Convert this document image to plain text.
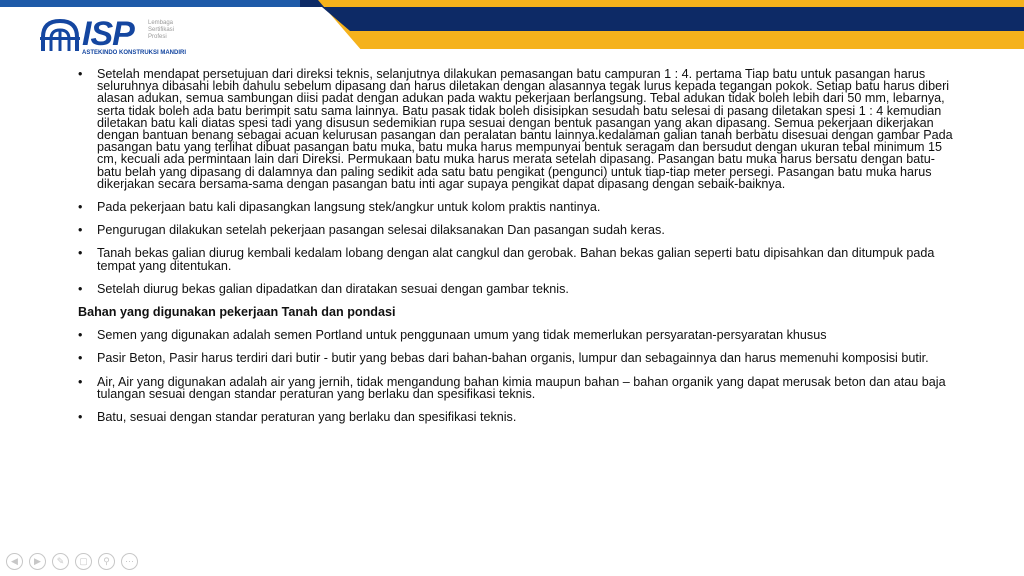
ISP Lembaga
Sertifikasi
Profesi
ASTEKINDO KONSTRUKSI MANDIRI
• Setelah mendapat persetujuan dari direksi teknis, selanjutnya dilakukan pemasangan batu campuran 1 : 4. pertama Tiap batu untuk pasangan harus seluruhnya dibasahi lebih dahulu sebelum dipasang dan harus diletakan dengan alasannya tegak lurus kepada tegangan pokok. Setiap batu harus diberi alasan adukan, semua sambungan diisi padat dengan adukan pada waktu pekerjaan berlangsung. Tebal adukan tidak boleh lebih dari 50 mm, lebarnya, serta tidak boleh ada batu berimpit satu sama lainnya. Batu pasak tidak boleh disisipkan sesudah batu selesai di pasang diletakan spesi 1 : 4 kemudian diletakan batu kali diatas spesi tadi yang disusun sedemikian rupa sesuai dengan bentuk pasangan yang akan dipasang. Semua pekerjaan dikerjakan dengan bantuan benang sebagai acuan kelurusan pasangan dan peralatan bantu lainnya.kedalaman galian tanah berbatu disesuai dengan gambar Pada pasangan batu yang terlihat dibuat pasangan batu muka, batu muka harus mempunyai bentuk seragam dan bersudut dengan ukuran tebal minimum 15 cm, kecuali ada permintaan lain dari Direksi. Permukaan batu muka harus merata setelah dipasang. Pasangan batu muka harus bersatu dengan batu-batu belah yang dipasang di dalamnya dan paling sedikit ada satu batu pengikat (pengunci) untuk tiap-tiap meter persegi. Pasangan batu muka harus dikerjakan secara bersama-sama dengan pasangan batu inti agar supaya pengikat dapat dipasang dengan sebaik-baiknya.
• Pada pekerjaan batu kali dipasangkan langsung stek/angkur untuk kolom praktis nantinya.
• Pengurugan dilakukan setelah pekerjaan pasangan selesai dilaksanakan Dan pasangan sudah keras.
• Tanah bekas galian diurug kembali kedalam lobang dengan alat cangkul dan gerobak. Bahan bekas galian seperti batu dipisahkan dan ditumpuk pada tempat yang ditentukan.
• Setelah diurug bekas galian dipadatkan dan diratakan sesuai dengan gambar teknis.
Bahan yang digunakan pekerjaan Tanah dan pondasi
• Semen yang digunakan adalah semen Portland untuk penggunaan umum yang tidak memerlukan persyaratan-persyaratan khusus
• Pasir Beton, Pasir harus terdiri dari butir - butir yang bebas dari bahan-bahan organis, lumpur dan sebagainnya dan harus memenuhi komposisi butir.
• Air, Air yang digunakan adalah air yang jernih, tidak mengandung bahan kimia maupun bahan – bahan organik yang dapat merusak beton dan atau baja tulangan sesuai dengan standar peraturan yang berlaku dan spesifikasi teknis.
• Batu, sesuai dengan standar peraturan yang berlaku dan spesifikasi teknis.
◀	▶	✎	▢	⚲	⋯
